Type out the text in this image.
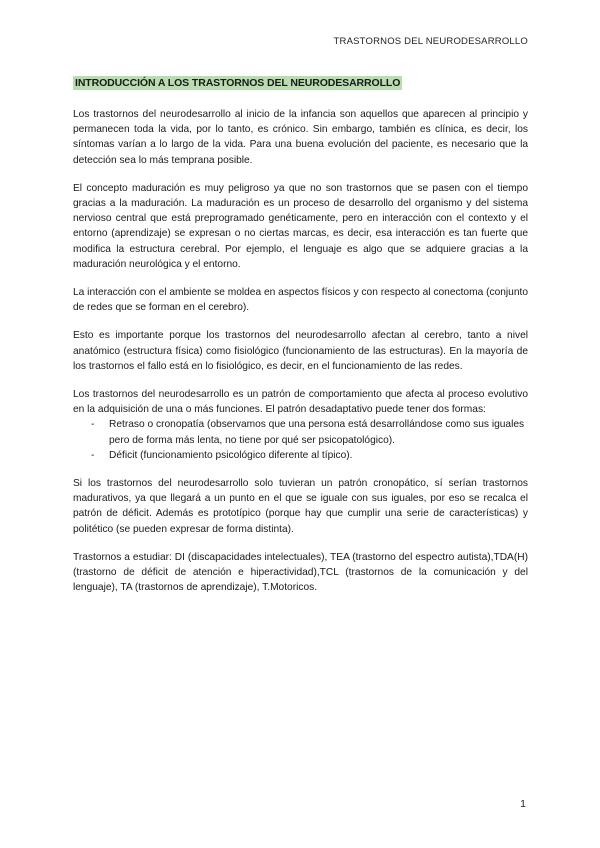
TRASTORNOS DEL NEURODESARROLLO
INTRODUCCIÓN A LOS TRASTORNOS DEL NEURODESARROLLO

Los trastornos del neurodesarrollo al inicio de la infancia son aquellos que aparecen al principio y permanecen toda la vida, por lo tanto, es crónico. Sin embargo, también es clínica, es decir, los síntomas varían a lo largo de la vida. Para una buena evolución del paciente, es necesario que la detección sea lo más temprana posible.

El concepto maduración es muy peligroso ya que no son trastornos que se pasen con el tiempo gracias a la maduración. La maduración es un proceso de desarrollo del organismo y del sistema nervioso central que está preprogramado genéticamente, pero en interacción con el contexto y el entorno (aprendizaje) se expresan o no ciertas marcas, es decir, esa interacción es tan fuerte que modifica la estructura cerebral. Por ejemplo, el lenguaje es algo que se adquiere gracias a la maduración neurológica y el entorno.

La interacción con el ambiente se moldea en aspectos físicos y con respecto al conectoma (conjunto de redes que se forman en el cerebro).

Esto es importante porque los trastornos del neurodesarrollo afectan al cerebro, tanto a nivel anatómico (estructura física) como fisiológico (funcionamiento de las estructuras). En la mayoría de los trastornos el fallo está en lo fisiológico, es decir, en el funcionamiento de las redes.

Los trastornos del neurodesarrollo es un patrón de comportamiento que afecta al proceso evolutivo en la adquisición de una o más funciones. El patrón desadaptativo puede tener dos formas:

- Retraso o cronopatía (observamos que una persona está desarrollándose como sus iguales pero de forma más lenta, no tiene por qué ser psicopatológico).
- Déficit (funcionamiento psicológico diferente al típico).

Si los trastornos del neurodesarrollo solo tuvieran un patrón cronopático, sí serían trastornos madurativos, ya que llegará a un punto en el que se iguale con sus iguales, por eso se recalca el patrón de déficit. Además es prototípico (porque hay que cumplir una serie de características) y politético (se pueden expresar de forma distinta).

Trastornos a estudiar: DI (discapacidades intelectuales), TEA (trastorno del espectro autista),TDA(H) (trastorno de déficit de atención e hiperactividad),TCL (trastornos de la comunicación y del lenguaje), TA (trastornos de aprendizaje), T.Motoricos.

1
